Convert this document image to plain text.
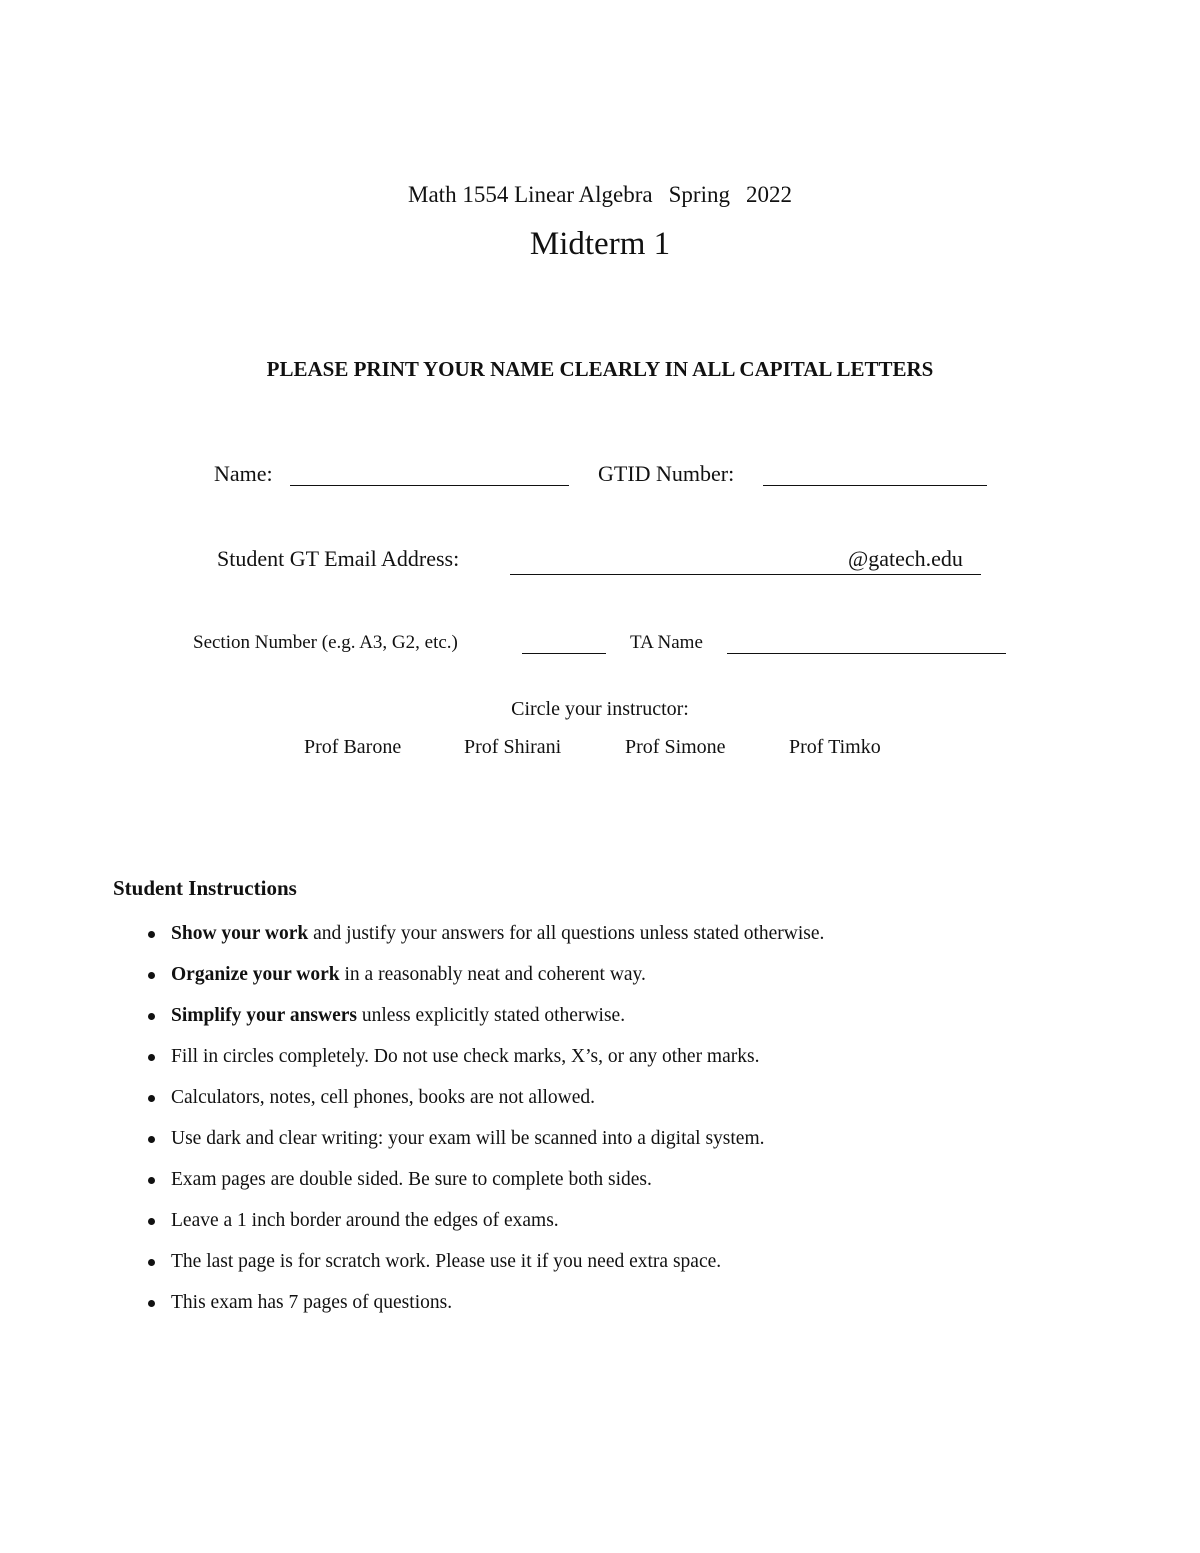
Math 1554 Linear Algebra Spring 2022
Midterm 1
PLEASE PRINT YOUR NAME CLEARLY IN ALL CAPITAL LETTERS
Name:	GTID Number:
Student GT Email Address:	@gatech.edu
Section Number (e.g. A3, G2, etc.)	TA Name
Circle your instructor:
Prof Barone	Prof Shirani	Prof Simone	Prof Timko
Student Instructions
Show your work and justify your answers for all questions unless stated otherwise.
Organize your work in a reasonably neat and coherent way.
Simplify your answers unless explicitly stated otherwise.
Fill in circles completely. Do not use check marks, X’s, or any other marks.
Calculators, notes, cell phones, books are not allowed.
Use dark and clear writing: your exam will be scanned into a digital system.
Exam pages are double sided. Be sure to complete both sides.
Leave a 1 inch border around the edges of exams.
The last page is for scratch work. Please use it if you need extra space.
This exam has 7 pages of questions.
